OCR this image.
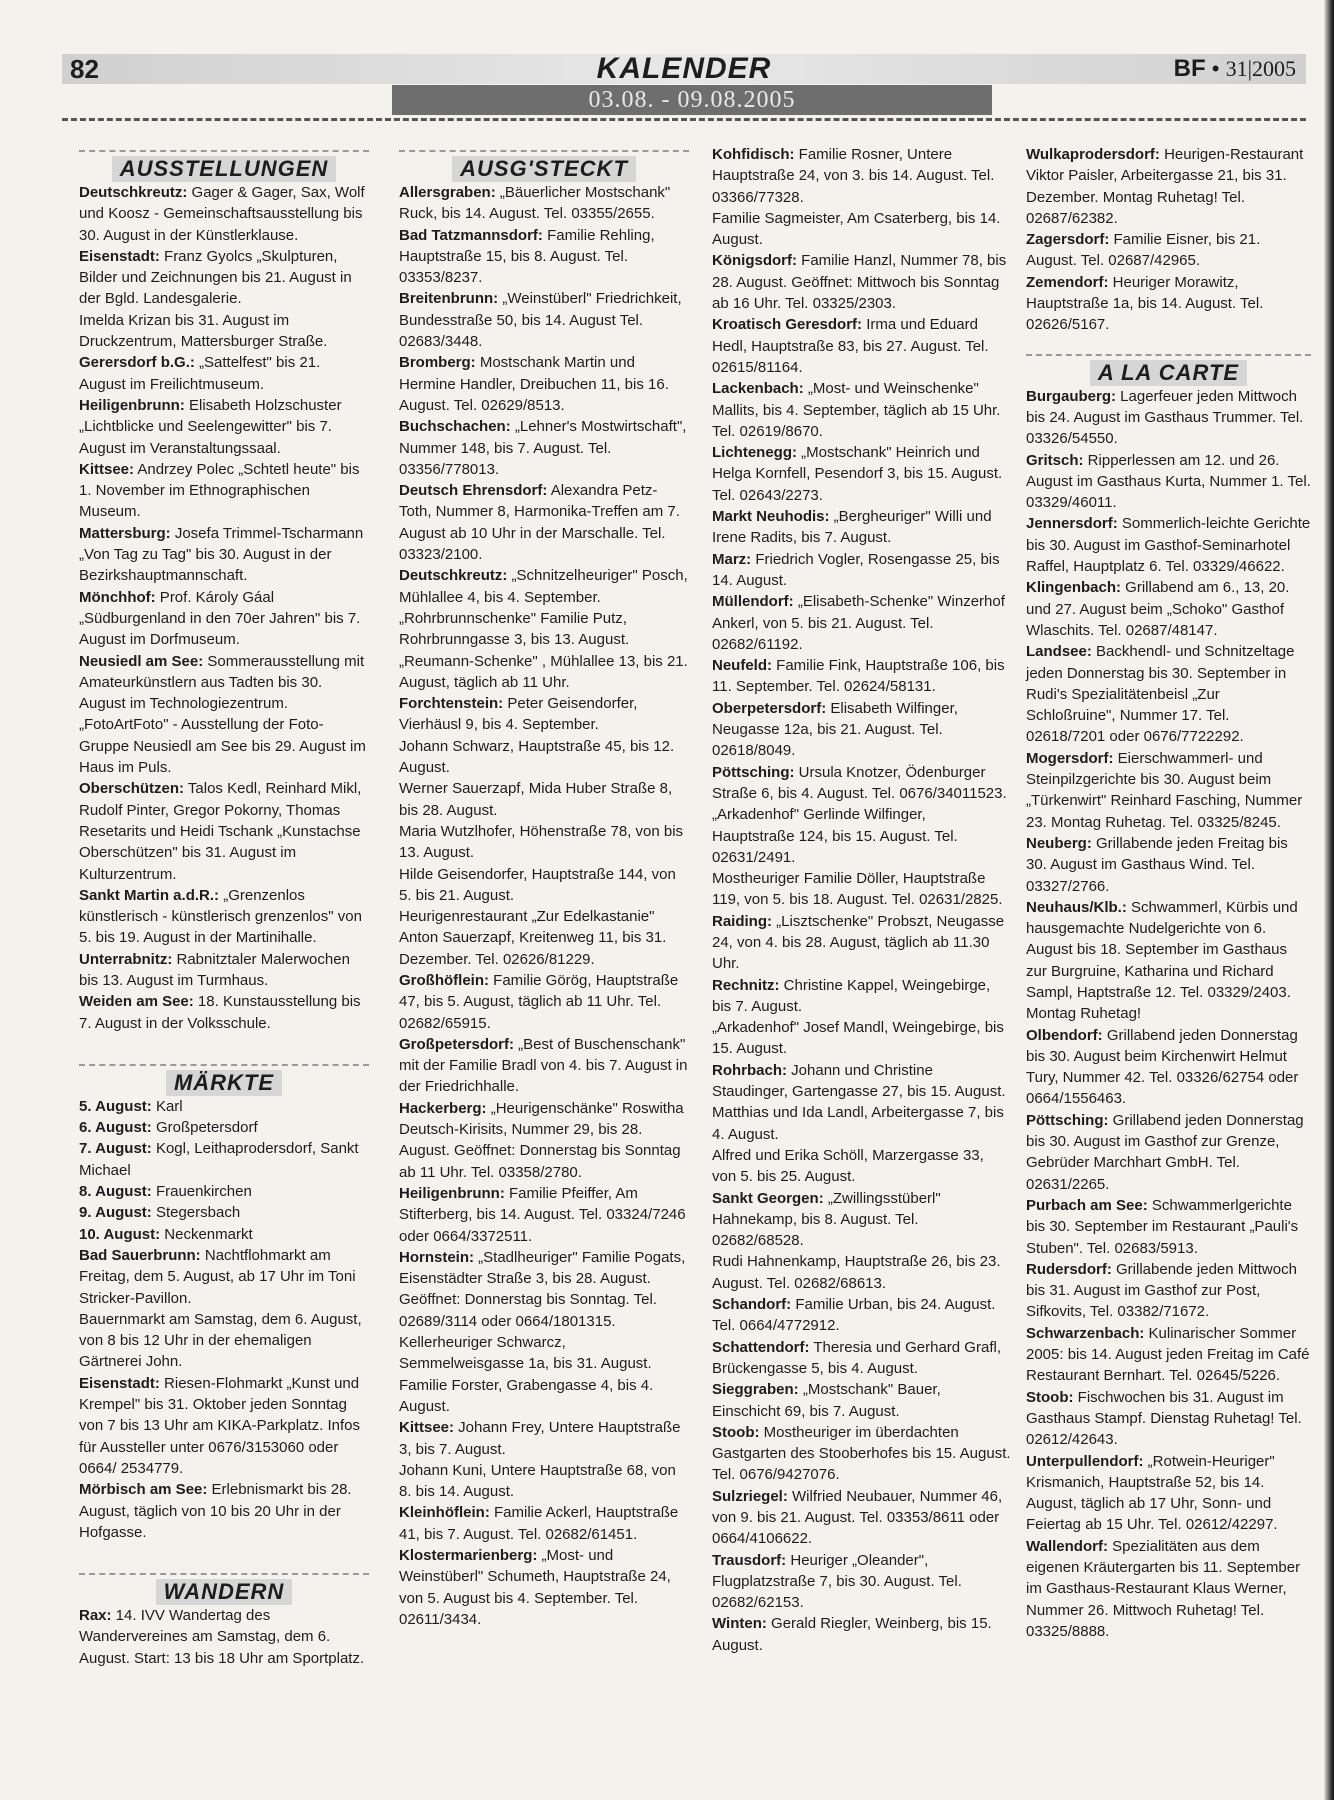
82	KALENDER	BF • 31|2005
03.08. - 09.08.2005
AUSSTELLUNGEN

Deutschkreutz: Gager & Gager, Sax, Wolf und Koosz - Gemeinschaftsausstellung bis 30. August in der Künstlerklause.

Eisenstadt: Franz Gyolcs „Skulpturen, Bilder und Zeichnungen bis 21. August in der Bgld. Landesgalerie.

Imelda Krizan bis 31. August im Druckzentrum, Mattersburger Straße.

Gerersdorf b.G.: „Sattelfest" bis 21. August im Freilichtmuseum.

Heiligenbrunn: Elisabeth Holzschuster „Lichtblicke und Seelengewitter" bis 7. August im Veranstaltungssaal.

Kittsee: Andrzey Polec „Schtetl heute" bis 1. November im Ethnographischen Museum.

Mattersburg: Josefa Trimmel-Tscharmann „Von Tag zu Tag" bis 30. August in der Bezirkshauptmannschaft.

Mönchhof: Prof. Károly Gáal „Südburgenland in den 70er Jahren" bis 7. August im Dorfmuseum.

Neusiedl am See: Sommerausstellung mit Amateurkünstlern aus Tadten bis 30. August im Technologiezentrum.

„FotoArtFoto" - Ausstellung der Foto-Gruppe Neusiedl am See bis 29. August im Haus im Puls.

Oberschützen: Talos Kedl, Reinhard Mikl, Rudolf Pinter, Gregor Pokorny, Thomas Resetarits und Heidi Tschank „Kunstachse Oberschützen" bis 31. August im Kulturzentrum.

Sankt Martin a.d.R.: „Grenzenlos künstlerisch - künstlerisch grenzenlos" von 5. bis 19. August in der Martinihalle.

Unterrabnitz: Rabnitztaler Malerwochen bis 13. August im Turmhaus.

Weiden am See: 18. Kunstausstellung bis 7. August in der Volksschule.

MÄRKTE

5. August: Karl

6. August: Großpetersdorf

7. August: Kogl, Leithaprodersdorf, Sankt Michael

8. August: Frauenkirchen

9. August: Stegersbach

10. August: Neckenmarkt

Bad Sauerbrunn: Nachtflohmarkt am Freitag, dem 5. August, ab 17 Uhr im Toni Stricker-Pavillon.

Bauernmarkt am Samstag, dem 6. August, von 8 bis 12 Uhr in der ehemaligen Gärtnerei John.

Eisenstadt: Riesen-Flohmarkt „Kunst und Krempel" bis 31. Oktober jeden Sonntag von 7 bis 13 Uhr am KIKA-Parkplatz. Infos für Aussteller unter 0676/3153060 oder 0664/ 2534779.

Mörbisch am See: Erlebnismarkt bis 28. August, täglich von 10 bis 20 Uhr in der Hofgasse.

WANDERN

Rax: 14. IVV Wandertag des Wandervereines am Samstag, dem 6. August. Start: 13 bis 18 Uhr am Sportplatz.

AUSG'STECKT

Allersgraben: „Bäuerlicher Mostschank" Ruck, bis 14. August. Tel. 03355/2655.

Bad Tatzmannsdorf: Familie Rehling, Hauptstraße 15, bis 8. August. Tel. 03353/8237.

Breitenbrunn: „Weinstüberl" Friedrichkeit, Bundesstraße 50, bis 14. August Tel. 02683/3448.

Bromberg: Mostschank Martin und Hermine Handler, Dreibuchen 11, bis 16. August. Tel. 02629/8513.

Buchschachen: „Lehner's Mostwirtschaft", Nummer 148, bis 7. August. Tel. 03356/778013.

Deutsch Ehrensdorf: Alexandra Petz-Toth, Nummer 8, Harmonika-Treffen am 7. August ab 10 Uhr in der Marschalle. Tel. 03323/2100.

Deutschkreutz: „Schnitzelheuriger" Posch, Mühlallee 4, bis 4. September.

„Rohrbrunnschenke" Familie Putz, Rohrbrunngasse 3, bis 13. August.

„Reumann-Schenke" , Mühlallee 13, bis 21. August, täglich ab 11 Uhr.

Forchtenstein: Peter Geisendorfer, Vierhäusl 9, bis 4. September.

Johann Schwarz, Hauptstraße 45, bis 12. August.

Werner Sauerzapf, Mida Huber Straße 8, bis 28. August.

Maria Wutzlhofer, Höhenstraße 78, von bis 13. August.

Hilde Geisendorfer, Hauptstraße 144, von 5. bis 21. August.

Heurigenrestaurant „Zur Edelkastanie" Anton Sauerzapf, Kreitenweg 11, bis 31. Dezember. Tel. 02626/81229.

Großhöflein: Familie Görög, Hauptstraße 47, bis 5. August, täglich ab 11 Uhr. Tel. 02682/65915.

Großpetersdorf: „Best of Buschenschank" mit der Familie Bradl von 4. bis 7. August in der Friedrichhalle.

Hackerberg: „Heurigenschänke" Roswitha Deutsch-Kirisits, Nummer 29, bis 28. August. Geöffnet: Donnerstag bis Sonntag ab 11 Uhr. Tel. 03358/2780.

Heiligenbrunn: Familie Pfeiffer, Am Stifterberg, bis 14. August. Tel. 03324/7246 oder 0664/3372511.

Hornstein: „Stadlheuriger" Familie Pogats, Eisenstädter Straße 3, bis 28. August. Geöffnet: Donnerstag bis Sonntag. Tel. 02689/3114 oder 0664/1801315.

Kellerheuriger Schwarcz, Semmelweisgasse 1a, bis 31. August.

Familie Forster, Grabengasse 4, bis 4. August.

Kittsee: Johann Frey, Untere Hauptstraße 3, bis 7. August.

Johann Kuni, Untere Hauptstraße 68, von 8. bis 14. August.

Kleinhöflein: Familie Ackerl, Hauptstraße 41, bis 7. August. Tel. 02682/61451.

Klostermarienberg: „Most- und Weinstüberl" Schumeth, Hauptstraße 24, von 5. August bis 4. September. Tel. 02611/3434.

Kohfidisch: Familie Rosner, Untere Hauptstraße 24, von 3. bis 14. August. Tel. 03366/77328.

Familie Sagmeister, Am Csaterberg, bis 14. August.

Königsdorf: Familie Hanzl, Nummer 78, bis 28. August. Geöffnet: Mittwoch bis Sonntag ab 16 Uhr. Tel. 03325/2303.

Kroatisch Geresdorf: Irma und Eduard Hedl, Hauptstraße 83, bis 27. August. Tel. 02615/81164.

Lackenbach: „Most- und Weinschenke" Mallits, bis 4. September, täglich ab 15 Uhr. Tel. 02619/8670.

Lichtenegg: „Mostschank" Heinrich und Helga Kornfell, Pesendorf 3, bis 15. August. Tel. 02643/2273.

Markt Neuhodis: „Bergheuriger" Willi und Irene Radits, bis 7. August.

Marz: Friedrich Vogler, Rosengasse 25, bis 14. August.

Müllendorf: „Elisabeth-Schenke" Winzerhof Ankerl, von 5. bis 21. August. Tel. 02682/61192.

Neufeld: Familie Fink, Hauptstraße 106, bis 11. September. Tel. 02624/58131.

Oberpetersdorf: Elisabeth Wilfinger, Neugasse 12a, bis 21. August. Tel. 02618/8049.

Pöttsching: Ursula Knotzer, Ödenburger Straße 6, bis 4. August. Tel. 0676/34011523.

„Arkadenhof" Gerlinde Wilfinger, Hauptstraße 124, bis 15. August. Tel. 02631/2491.

Mostheuriger Familie Döller, Hauptstraße 119, von 5. bis 18. August. Tel. 02631/2825.

Raiding: „Lisztschenke" Probszt, Neugasse 24, von 4. bis 28. August, täglich ab 11.30 Uhr.

Rechnitz: Christine Kappel, Weingebirge, bis 7. August.

„Arkadenhof" Josef Mandl, Weingebirge, bis 15. August.

Rohrbach: Johann und Christine Staudinger, Gartengasse 27, bis 15. August.

Matthias und Ida Landl, Arbeitergasse 7, bis 4. August.

Alfred und Erika Schöll, Marzergasse 33, von 5. bis 25. August.

Sankt Georgen: „Zwillingsstüberl" Hahnekamp, bis 8. August. Tel. 02682/68528.

Rudi Hahnenkamp, Hauptstraße 26, bis 23. August. Tel. 02682/68613.

Schandorf: Familie Urban, bis 24. August. Tel. 0664/4772912.

Schattendorf: Theresia und Gerhard Grafl, Brückengasse 5, bis 4. August.

Sieggraben: „Mostschank" Bauer, Einschicht 69, bis 7. August.

Stoob: Mostheuriger im überdachten Gastgarten des Stooberhofes bis 15. August. Tel. 0676/9427076.

Sulzriegel: Wilfried Neubauer, Nummer 46, von 9. bis 21. August. Tel. 03353/8611 oder 0664/4106622.

Trausdorf: Heuriger „Oleander", Flugplatzstraße 7, bis 30. August. Tel. 02682/62153.

Winten: Gerald Riegler, Weinberg, bis 15. August.

Wulkaprodersdorf: Heurigen-Restaurant Viktor Paisler, Arbeitergasse 21, bis 31. Dezember. Montag Ruhetag! Tel. 02687/62382.

Zagersdorf: Familie Eisner, bis 21. August. Tel. 02687/42965.

Zemendorf: Heuriger Morawitz, Hauptstraße 1a, bis 14. August. Tel. 02626/5167.

A LA CARTE

Burgauberg: Lagerfeuer jeden Mittwoch bis 24. August im Gasthaus Trummer. Tel. 03326/54550.

Gritsch: Ripperlessen am 12. und 26. August im Gasthaus Kurta, Nummer 1. Tel. 03329/46011.

Jennersdorf: Sommerlich-leichte Gerichte bis 30. August im Gasthof-Seminarhotel Raffel, Hauptplatz 6. Tel. 03329/46622.

Klingenbach: Grillabend am 6., 13, 20. und 27. August beim „Schoko" Gasthof Wlaschits. Tel. 02687/48147.

Landsee: Backhendl- und Schnitzeltage jeden Donnerstag bis 30. September in Rudi's Spezialitätenbeisl „Zur Schloßruine", Nummer 17. Tel. 02618/7201 oder 0676/7722292.

Mogersdorf: Eierschwammerl- und Steinpilzgerichte bis 30. August beim „Türkenwirt" Reinhard Fasching, Nummer 23. Montag Ruhetag. Tel. 03325/8245.

Neuberg: Grillabende jeden Freitag bis 30. August im Gasthaus Wind. Tel. 03327/2766.

Neuhaus/Klb.: Schwammerl, Kürbis und hausgemachte Nudelgerichte von 6. August bis 18. September im Gasthaus zur Burgruine, Katharina und Richard Sampl, Haptstraße 12. Tel. 03329/2403. Montag Ruhetag!

Olbendorf: Grillabend jeden Donnerstag bis 30. August beim Kirchenwirt Helmut Tury, Nummer 42. Tel. 03326/62754 oder 0664/1556463.

Pöttsching: Grillabend jeden Donnerstag bis 30. August im Gasthof zur Grenze, Gebrüder Marchhart GmbH. Tel. 02631/2265.

Purbach am See: Schwammerlgerichte bis 30. September im Restaurant „Pauli's Stuben". Tel. 02683/5913.

Rudersdorf: Grillabende jeden Mittwoch bis 31. August im Gasthof zur Post, Sifkovits, Tel. 03382/71672.

Schwarzenbach: Kulinarischer Sommer 2005: bis 14. August jeden Freitag im Café Restaurant Bernhart. Tel. 02645/5226.

Stoob: Fischwochen bis 31. August im Gasthaus Stampf. Dienstag Ruhetag! Tel. 02612/42643.

Unterpullendorf: „Rotwein-Heuriger" Krismanich, Hauptstraße 52, bis 14. August, täglich ab 17 Uhr, Sonn- und Feiertag ab 15 Uhr. Tel. 02612/42297.

Wallendorf: Spezialitäten aus dem eigenen Kräutergarten bis 11. September im Gasthaus-Restaurant Klaus Werner, Nummer 26. Mittwoch Ruhetag! Tel. 03325/8888.
